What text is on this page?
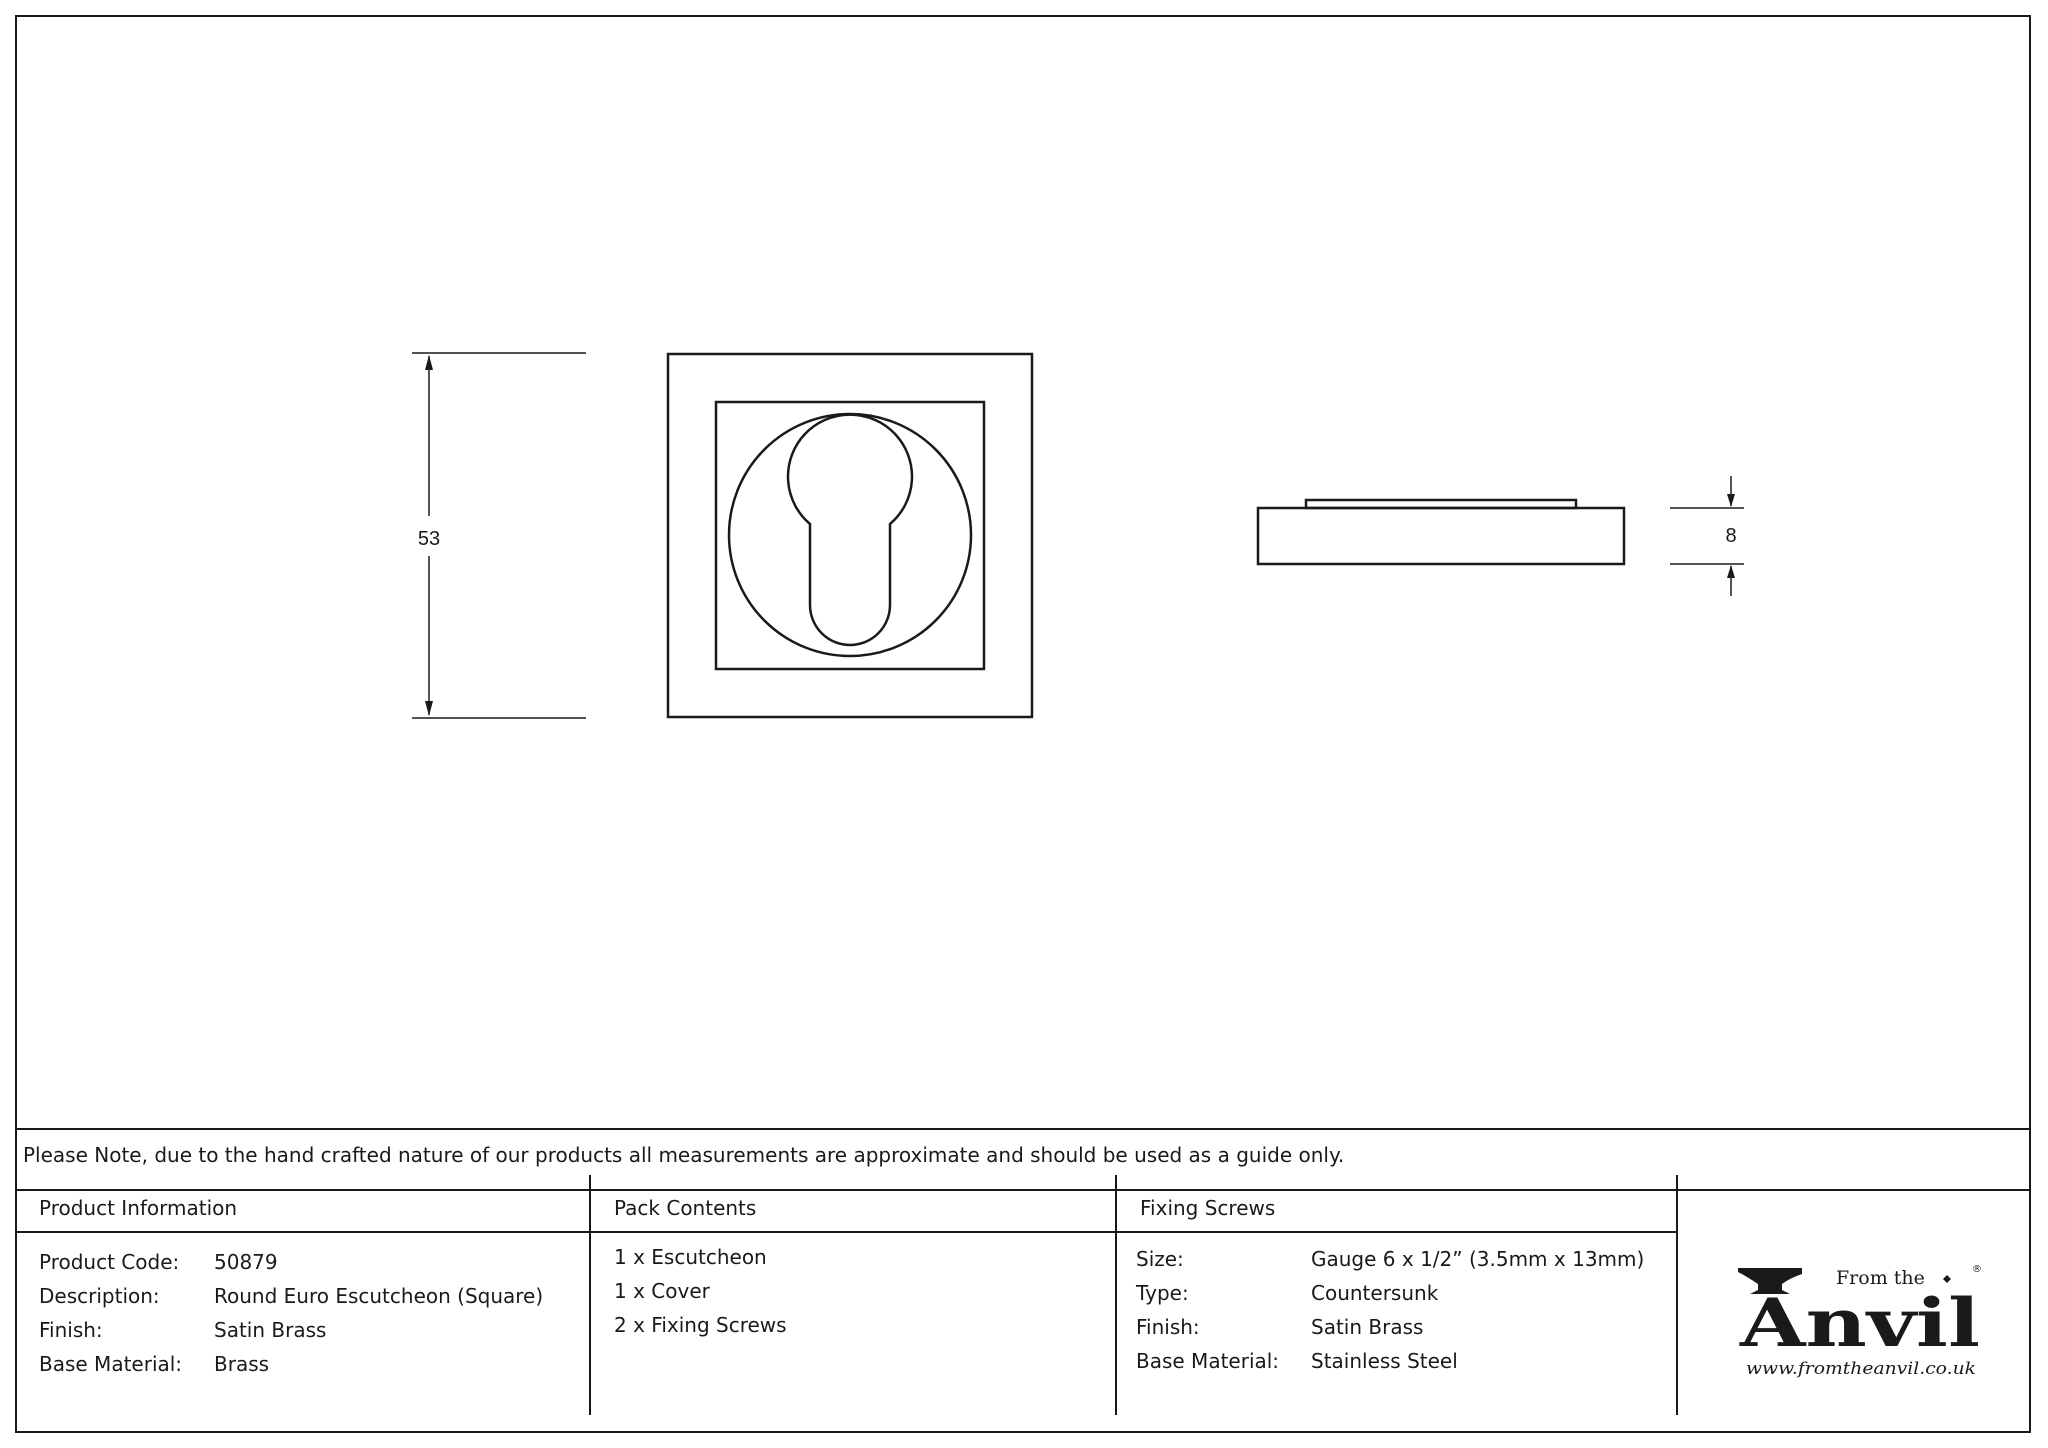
53	8
Please Note, due to the hand crafted nature of our products all measurements are approximate and should be used as a guide only.
Product Information
Product Code: 50879
Description:	Round Euro Escutcheon (Square)
Finish:	Satin Brass
Base Material: Brass
Pack Contents
1 x Escutcheon
1 x Cover
2 x Fixing Screws
Fixing Screws
Size:	Gauge 6 x 1/2” (3.5mm x 13mm)
Type:	Countersunk
Finish:	Satin Brass
Base Material: Stainless Steel
From the	®
Anvil
www.fromtheanvil.co.uk
